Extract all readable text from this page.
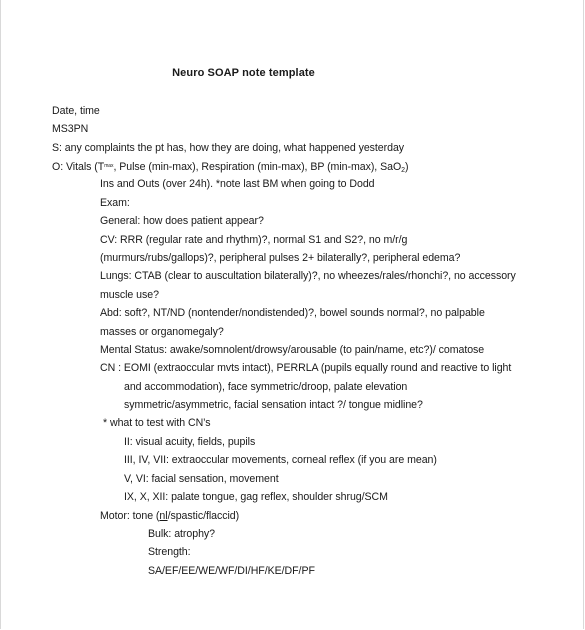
Neuro SOAP note template
Date, time
MS3PN
S: any complaints the pt has, how they are doing, what happened yesterday
O: Vitals ($T^{max}$, Pulse (min-max), Respiration (min-max), BP (min-max), SaO$_2$)
Ins and Outs (over 24h). *note last BM when going to Dodd
Exam:
General: how does patient appear?
CV: RRR (regular rate and rhythm)?, normal S1 and S2?, no m/r/g
(murmurs/rubs/gallops)?, peripheral pulses 2+ bilaterally?, peripheral edema?
Lungs: CTAB (clear to auscultation bilaterally)?, no wheezes/rales/rhonchi?, no accessory
muscle use?
Abd: soft?, NT/ND (nontender/nondistended)?, bowel sounds normal?, no palpable
masses or organomegaly?
Mental Status: awake/somnolent/drowsy/arousable (to pain/name, etc?)/ comatose
CN : EOMI (extraoccular mvts intact), PERRLA (pupils equally round and reactive to light
and accommodation), face symmetric/droop, palate elevation
symmetric/asymmetric, facial sensation intact ?/ tongue midline?
* what to test with CN’s
II: visual acuity, fields, pupils
III, IV, VII: extraoccular movements, corneal reflex (if you are mean)
V, VI: facial sensation, movement
IX, X, XII: palate tongue, gag reflex, shoulder shrug/SCM
Motor: tone (nl/spastic/flaccid)
Bulk: atrophy?
Strength:
SA/EF/EE/WE/WF/DI/HF/KE/DF/PF
